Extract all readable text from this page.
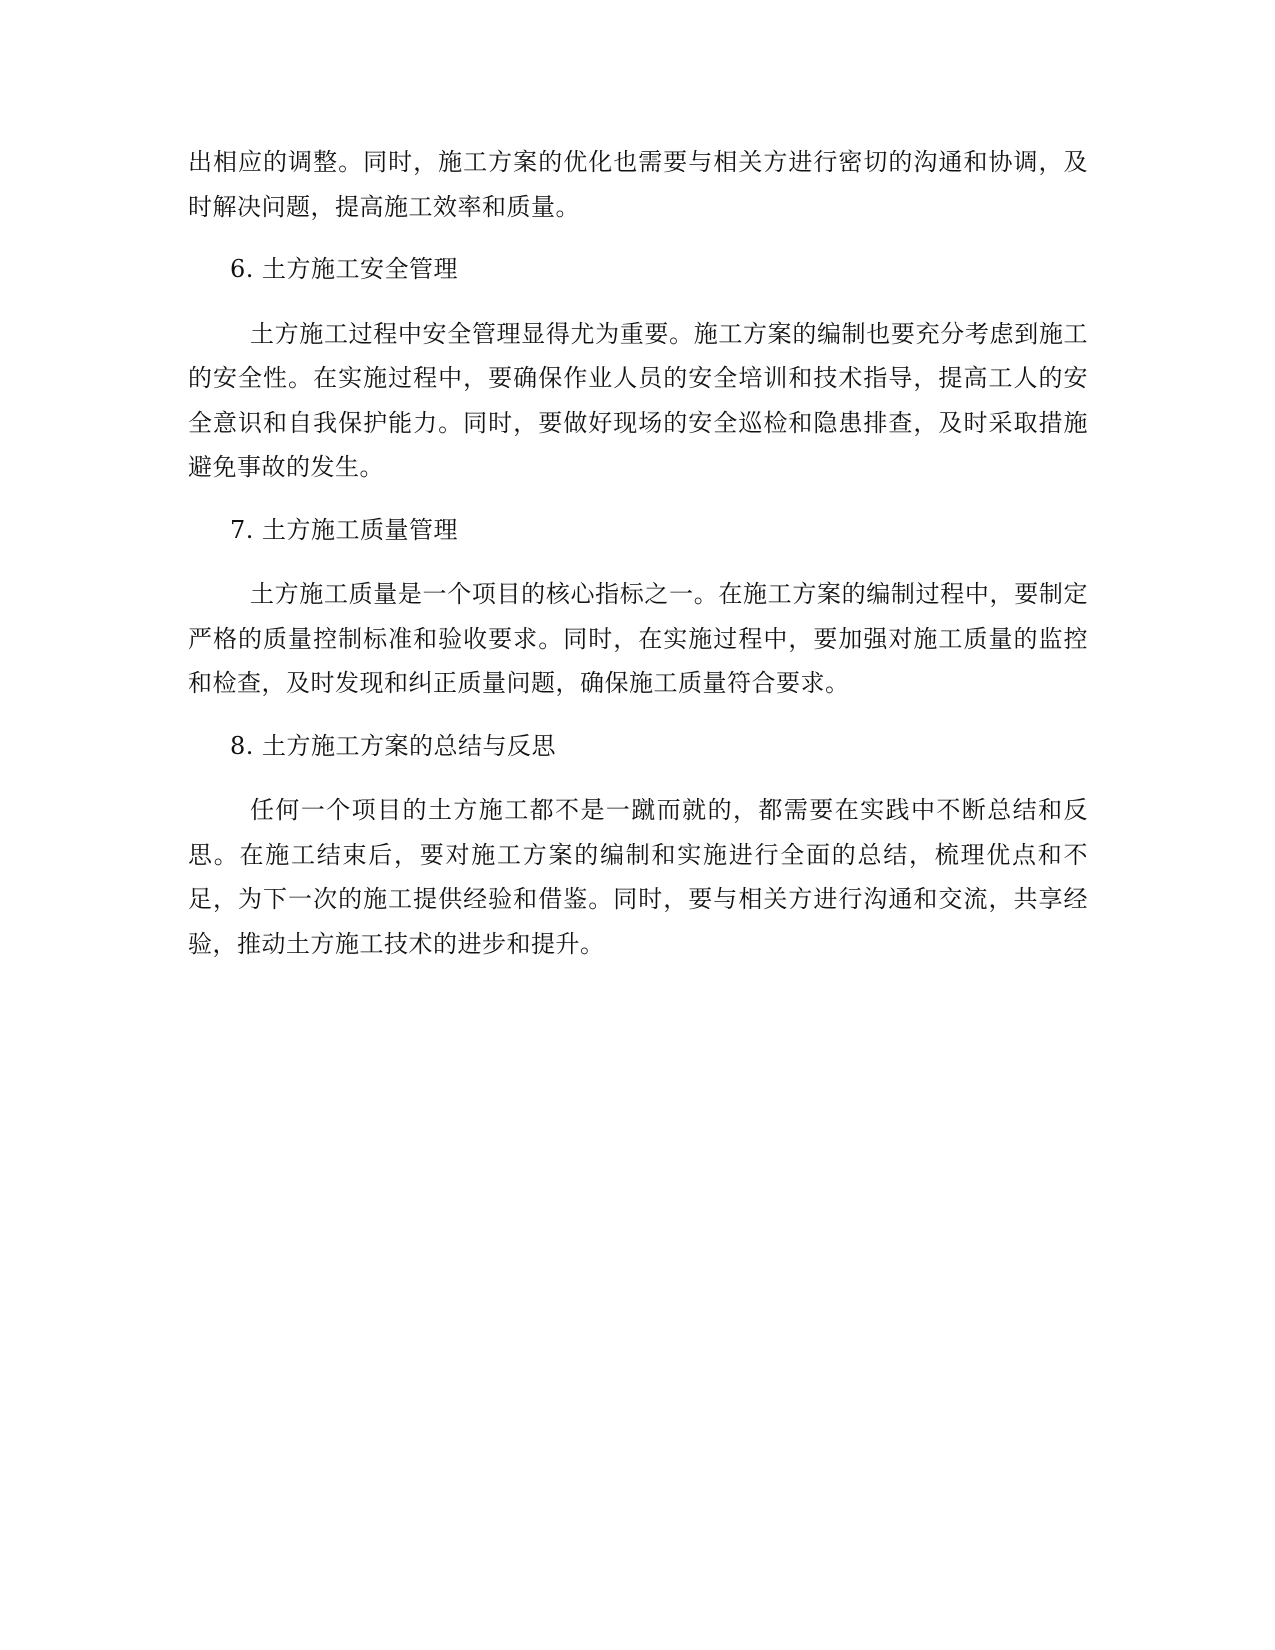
出相应的调整。同时，施工方案的优化也需要与相关方进行密切的沟通和协调，及时解决问题，提高施工效率和质量。

6. 土方施工安全管理

土方施工过程中安全管理显得尤为重要。施工方案的编制也要充分考虑到施工的安全性。在实施过程中，要确保作业人员的安全培训和技术指导，提高工人的安全意识和自我保护能力。同时，要做好现场的安全巡检和隐患排查，及时采取措施避免事故的发生。

7. 土方施工质量管理

土方施工质量是一个项目的核心指标之一。在施工方案的编制过程中，要制定严格的质量控制标准和验收要求。同时，在实施过程中，要加强对施工质量的监控和检查，及时发现和纠正质量问题，确保施工质量符合要求。

8. 土方施工方案的总结与反思

任何一个项目的土方施工都不是一蹴而就的，都需要在实践中不断总结和反思。在施工结束后，要对施工方案的编制和实施进行全面的总结，梳理优点和不足，为下一次的施工提供经验和借鉴。同时，要与相关方进行沟通和交流，共享经验，推动土方施工技术的进步和提升。
